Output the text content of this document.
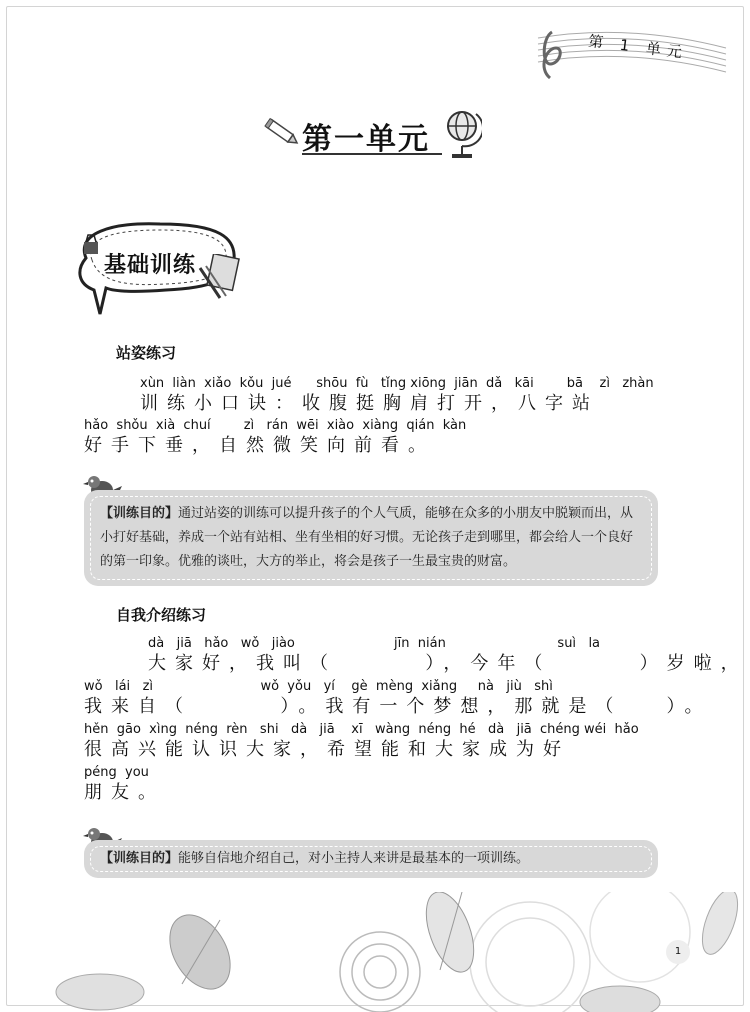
第 1 单元
第一单元
基础训练
站姿练习
xùn  liàn  xiǎo  kǒu  jué      shōu  fù   tǐng xiōng  jiān  dǎ   kāi        bā    zì   zhàn
训练小口诀：收腹挺胸肩打开，八字站
hǎo  shǒu  xià  chuí        zì   rán  wēi  xiào  xiàng  qián  kàn
好手下垂，自然微笑向前看。
【训练目的】通过站姿的训练可以提升孩子的个人气质，能够在众多的小朋友中脱颖而出，从小打好基础，养成一个站有站相、坐有坐相的好习惯。无论孩子走到哪里，都会给人一个良好的第一印象。优雅的谈吐，大方的举止，将会是孩子一生最宝贵的财富。
自我介绍练习
dà   jiā   hǎo   wǒ   jiào                        jīn  nián                           suì   la
大家好，我叫（      ），今年（      ）岁啦，
wǒ   lái   zì                          wǒ  yǒu   yí    gè  mèng  xiǎng     nà   jiù   shì
我来自（      ）。我有一个梦想，那就是（   ）。
hěn  gāo  xìng  néng  rèn   shi   dà   jiā    xī   wàng  néng  hé   dà   jiā  chéng wéi  hǎo
很高兴能认识大家，希望能和大家成为好
péng  you
朋友。
【训练目的】能够自信地介绍自己，对小主持人来讲是最基本的一项训练。
1
